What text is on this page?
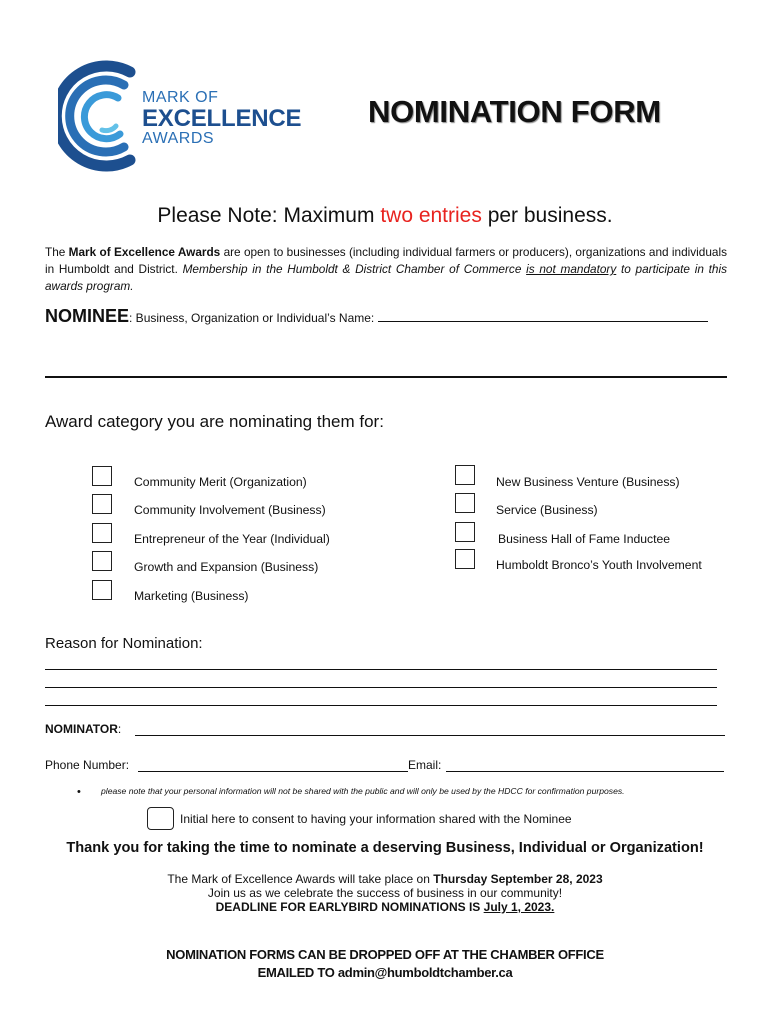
MARK OF
EXCELLENCE
AWARDS
NOMINATION FORM
Please Note: Maximum two entries per business.
The Mark of Excellence Awards are open to businesses (including individual farmers or producers), organizations and individuals in Humboldt and District. Membership in the Humboldt & District Chamber of Commerce is not mandatory to participate in this awards program.
NOMINEE: Business, Organization or Individual’s Name:
Award category you are nominating them for:
Community Merit (Organization)
Community Involvement (Business)
Entrepreneur of the Year (Individual)
Growth and Expansion (Business)
Marketing (Business)
New Business Venture (Business)
Service (Business)
Business Hall of Fame Inductee
Humboldt Bronco’s Youth Involvement
Reason for Nomination:
NOMINATOR:
Phone Number:	Email:
• please note that your personal information will not be shared with the public and will only be used by the HDCC for confirmation purposes.
Initial here to consent to having your information shared with the Nominee
Thank you for taking the time to nominate a deserving Business, Individual or Organization!
The Mark of Excellence Awards will take place on Thursday September 28, 2023
Join us as we celebrate the success of business in our community!
DEADLINE FOR EARLYBIRD NOMINATIONS IS July 1, 2023.
NOMINATION FORMS CAN BE DROPPED OFF AT THE CHAMBER OFFICE
EMAILED TO admin@humboldtchamber.ca
